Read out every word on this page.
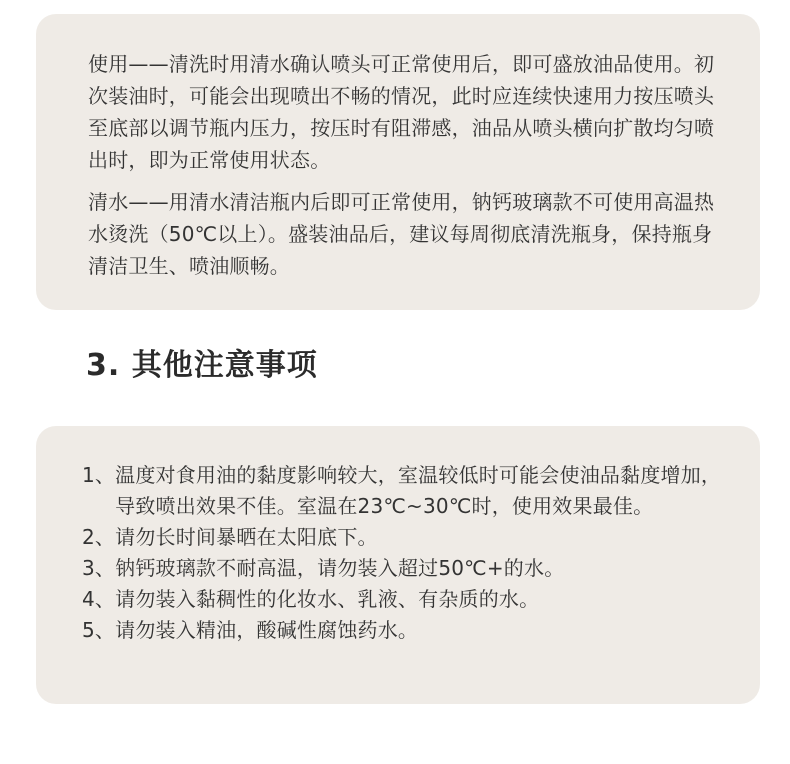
使用——清洗时用清水确认喷头可正常使用后，即可盛放油品使用。初次装油时，可能会出现喷出不畅的情况，此时应连续快速用力按压喷头至底部以调节瓶内压力，按压时有阻滞感，油品从喷头横向扩散均匀喷出时，即为正常使用状态。

清水——用清水清洁瓶内后即可正常使用，钠钙玻璃款不可使用高温热水烫洗（50℃以上）。盛装油品后，建议每周彻底清洗瓶身，保持瓶身清洁卫生、喷油顺畅。

3. 其他注意事项
1、 温度对食用油的黏度影响较大，室温较低时可能会使油品黏度增加，导致喷出效果不佳。室温在23℃~30℃时，使用效果最佳。
2、 请勿长时间暴晒在太阳底下。
3、 钠钙玻璃款不耐高温，请勿装入超过50℃+的水。
4、 请勿装入黏稠性的化妆水、乳液、有杂质的水。
5、 请勿装入精油，酸碱性腐蚀药水。
